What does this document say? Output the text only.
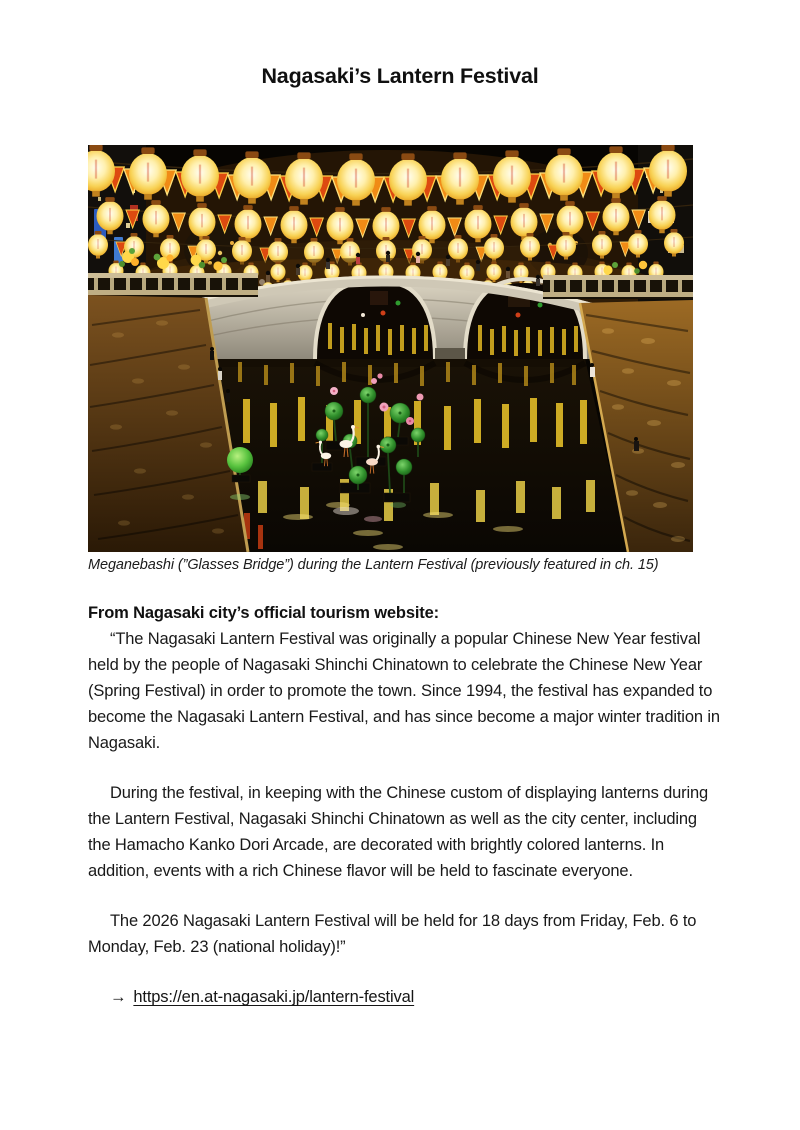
Nagasaki’s Lantern Festival
Meganebashi (”Glasses Bridge”) during the Lantern Festival (previously featured in ch. 15)
From Nagasaki city’s official tourism website:

“The Nagasaki Lantern Festival was originally a popular Chinese New Year festival held by the people of Nagasaki Shinchi Chinatown to celebrate the Chinese New Year (Spring Festival) in order to promote the town. Since 1994, the festival has expanded to become the Nagasaki Lantern Festival, and has since become a major winter tradition in Nagasaki.

During the festival, in keeping with the Chinese custom of displaying lanterns during the Lantern Festival, Nagasaki Shinchi Chinatown as well as the city center, including the Hamacho Kanko Dori Arcade, are decorated with brightly colored lanterns. In addition, events with a rich Chinese flavor will be held to fascinate everyone.

The 2026 Nagasaki Lantern Festival will be held for 18 days from Friday, Feb. 6 to Monday, Feb. 23 (national holiday)!”

→ https://en.at-nagasaki.jp/lantern-festival
